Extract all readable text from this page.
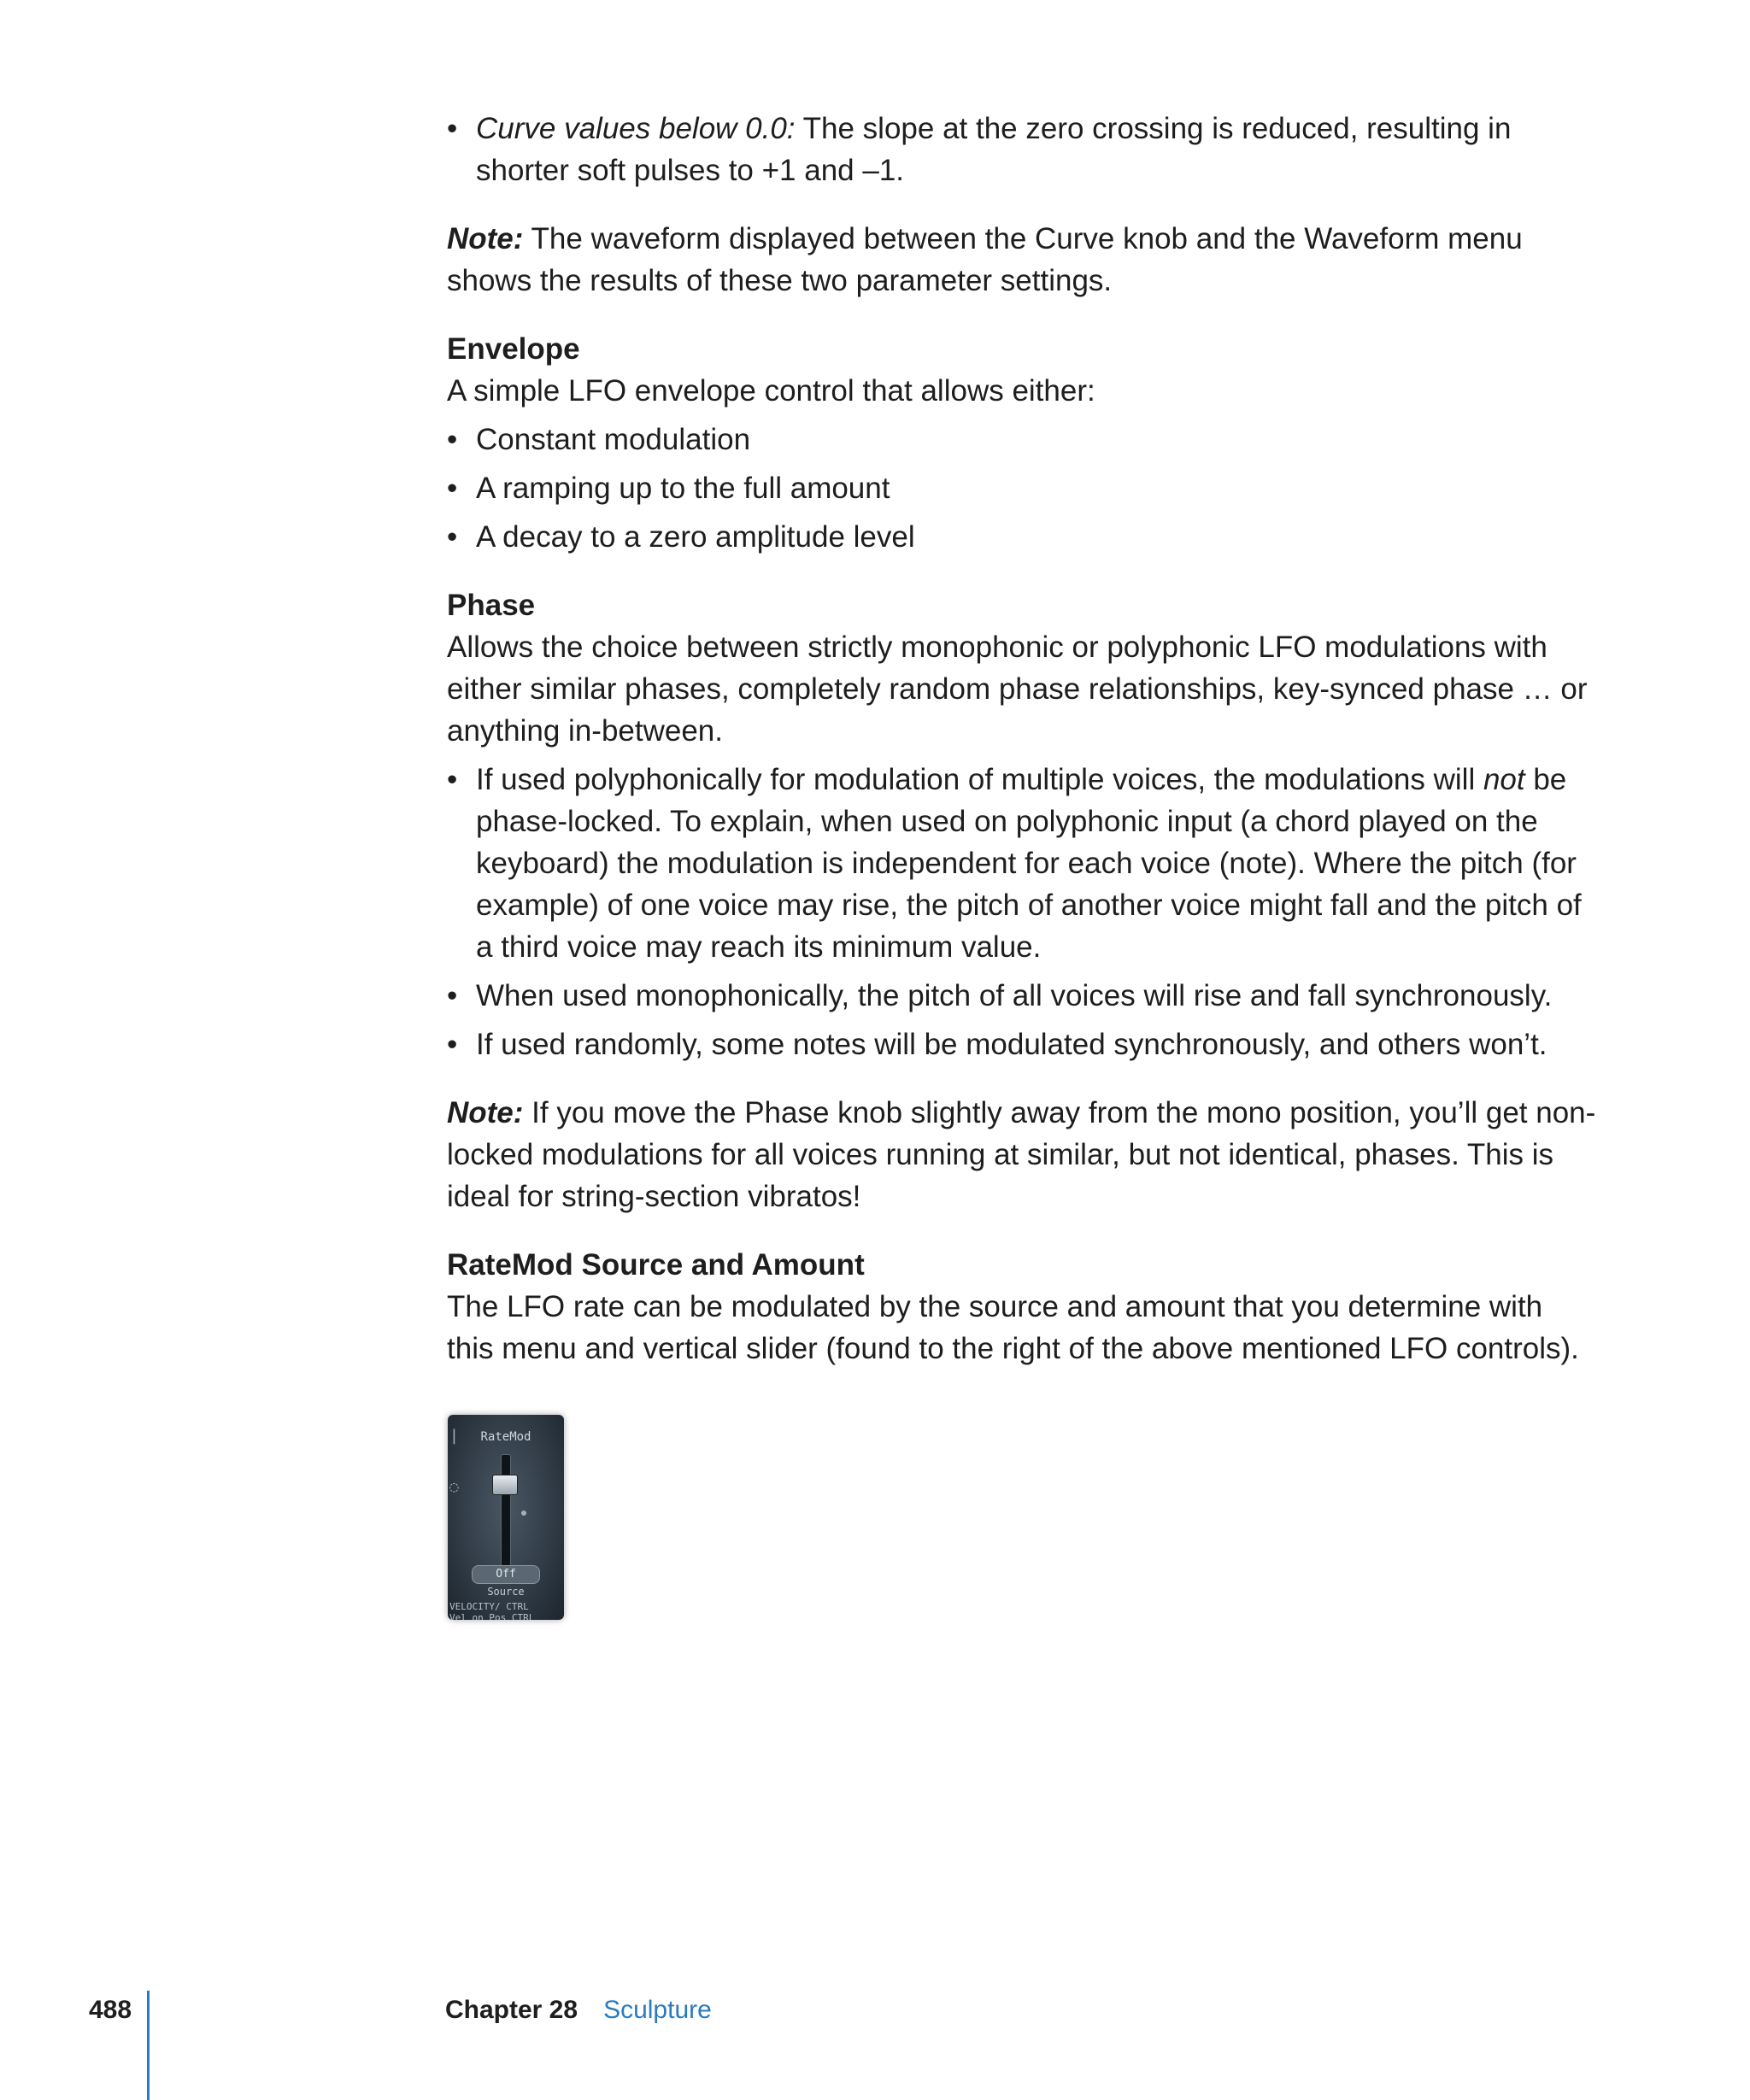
• Curve values below 0.0: The slope at the zero crossing is reduced, resulting in shorter soft pulses to +1 and –1.

Note: The waveform displayed between the Curve knob and the Waveform menu shows the results of these two parameter settings.

Envelope

A simple LFO envelope control that allows either:

• Constant modulation
• A ramping up to the full amount
• A decay to a zero amplitude level

Phase

Allows the choice between strictly monophonic or polyphonic LFO modulations with either similar phases, completely random phase relationships, key-synced phase … or anything in-between.

• If used polyphonically for modulation of multiple voices, the modulations will not be phase-locked. To explain, when used on polyphonic input (a chord played on the keyboard) the modulation is independent for each voice (note). Where the pitch (for example) of one voice may rise, the pitch of another voice might fall and the pitch of a third voice may reach its minimum value.
• When used monophonically, the pitch of all voices will rise and fall synchronously.
• If used randomly, some notes will be modulated synchronously, and others won’t.

Note: If you move the Phase knob slightly away from the mono position, you’ll get non-locked modulations for all voices running at similar, but not identical, phases. This is ideal for string-section vibratos!

RateMod Source and Amount

The LFO rate can be modulated by the source and amount that you determine with this menu and vertical slider (found to the right of the above mentioned LFO controls).

|
◌
RateMod
Off
Source
VELOCITY/ CTRL
Vel on Pos CTRL
488	Chapter 28 Sculpture
